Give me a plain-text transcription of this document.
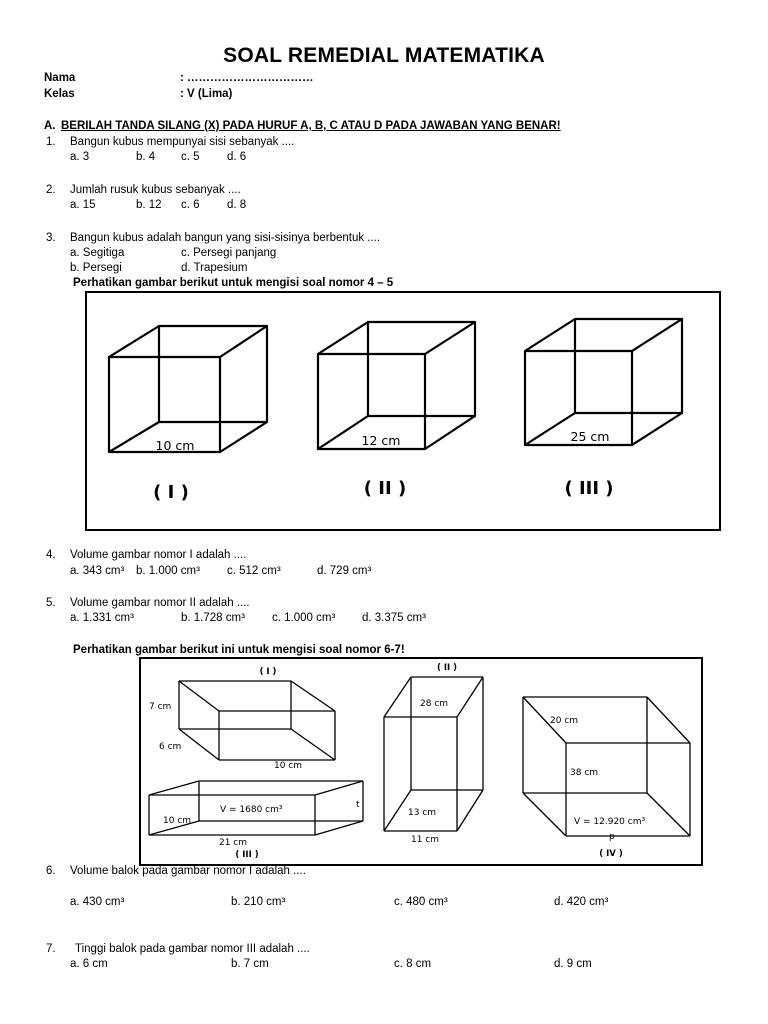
SOAL REMEDIAL MATEMATIKA
Nama	: ……………………………
Kelas	: V (Lima)
A. BERILAH TANDA SILANG (X) PADA HURUF A, B, C ATAU D PADA JAWABAN YANG BENAR!
1. Bangun kubus mempunyai sisi sebanyak ....
a. 3	b. 4 c. 5 d. 6
2. Jumlah rusuk kubus sebanyak ....
a. 15	b. 12 c. 6 d. 8
3. Bangun kubus adalah bangun yang sisi-sisinya berbentuk ....
a. Segitiga
b. Persegi
c. Persegi panjang
d. Trapesium
Perhatikan gambar berikut untuk mengisi soal nomor 4 – 5
10 cm	12 cm	25 cm
( I )	( II )	( III )
4. Volume gambar nomor I adalah ....
a. 343 cm³ b. 1.000 cm³ c. 512 cm³	d. 729 cm³
5. Volume gambar nomor II adalah ....
a. 1.331 cm³	b. 1.728 cm³ c. 1.000 cm³ d. 3.375 cm³
Perhatikan gambar berikut ini untuk mengisi soal nomor 6-7!
( I )
7 cm
6 cm
10 cm
10 cm
V = 1680 cm³	t
21 cm
( III )
( II )
28 cm
13 cm
11 cm
20 cm
38 cm
V = 12.920 cm³
p
( IV )
6. Volume balok pada gambar nomor I adalah ....
a. 430 cm³	b. 210 cm³	c. 480 cm³	d. 420 cm³
7. Tinggi balok pada gambar nomor III adalah ....
a. 6 cm	b. 7 cm	c. 8 cm	d. 9 cm
